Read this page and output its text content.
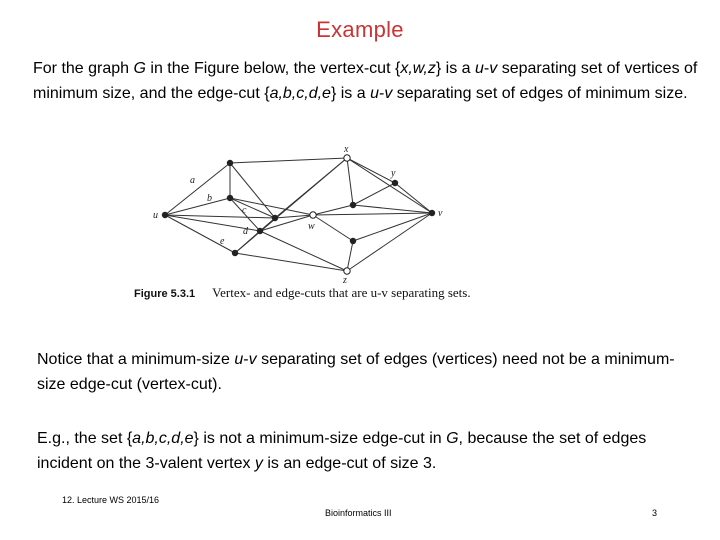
Example
For the graph G in the Figure below, the vertex-cut {x,w,z} is a u-v separating set of vertices of minimum size, and the edge-cut {a,b,c,d,e} is a u-v separating set of edges of minimum size.
a
b
c
d
e
u
x
w
y
z
v
Figure 5.3.1 Vertex- and edge-cuts that are u-v separating sets.
Notice that a minimum-size u-v separating set of edges (vertices) need not be a minimum-size edge-cut (vertex-cut).
E.g., the set {a,b,c,d,e} is not a minimum-size edge-cut in G, because the set of edges incident on the 3-valent vertex y is an edge-cut of size 3.
12. Lecture WS 2015/16
Bioinformatics III	3
